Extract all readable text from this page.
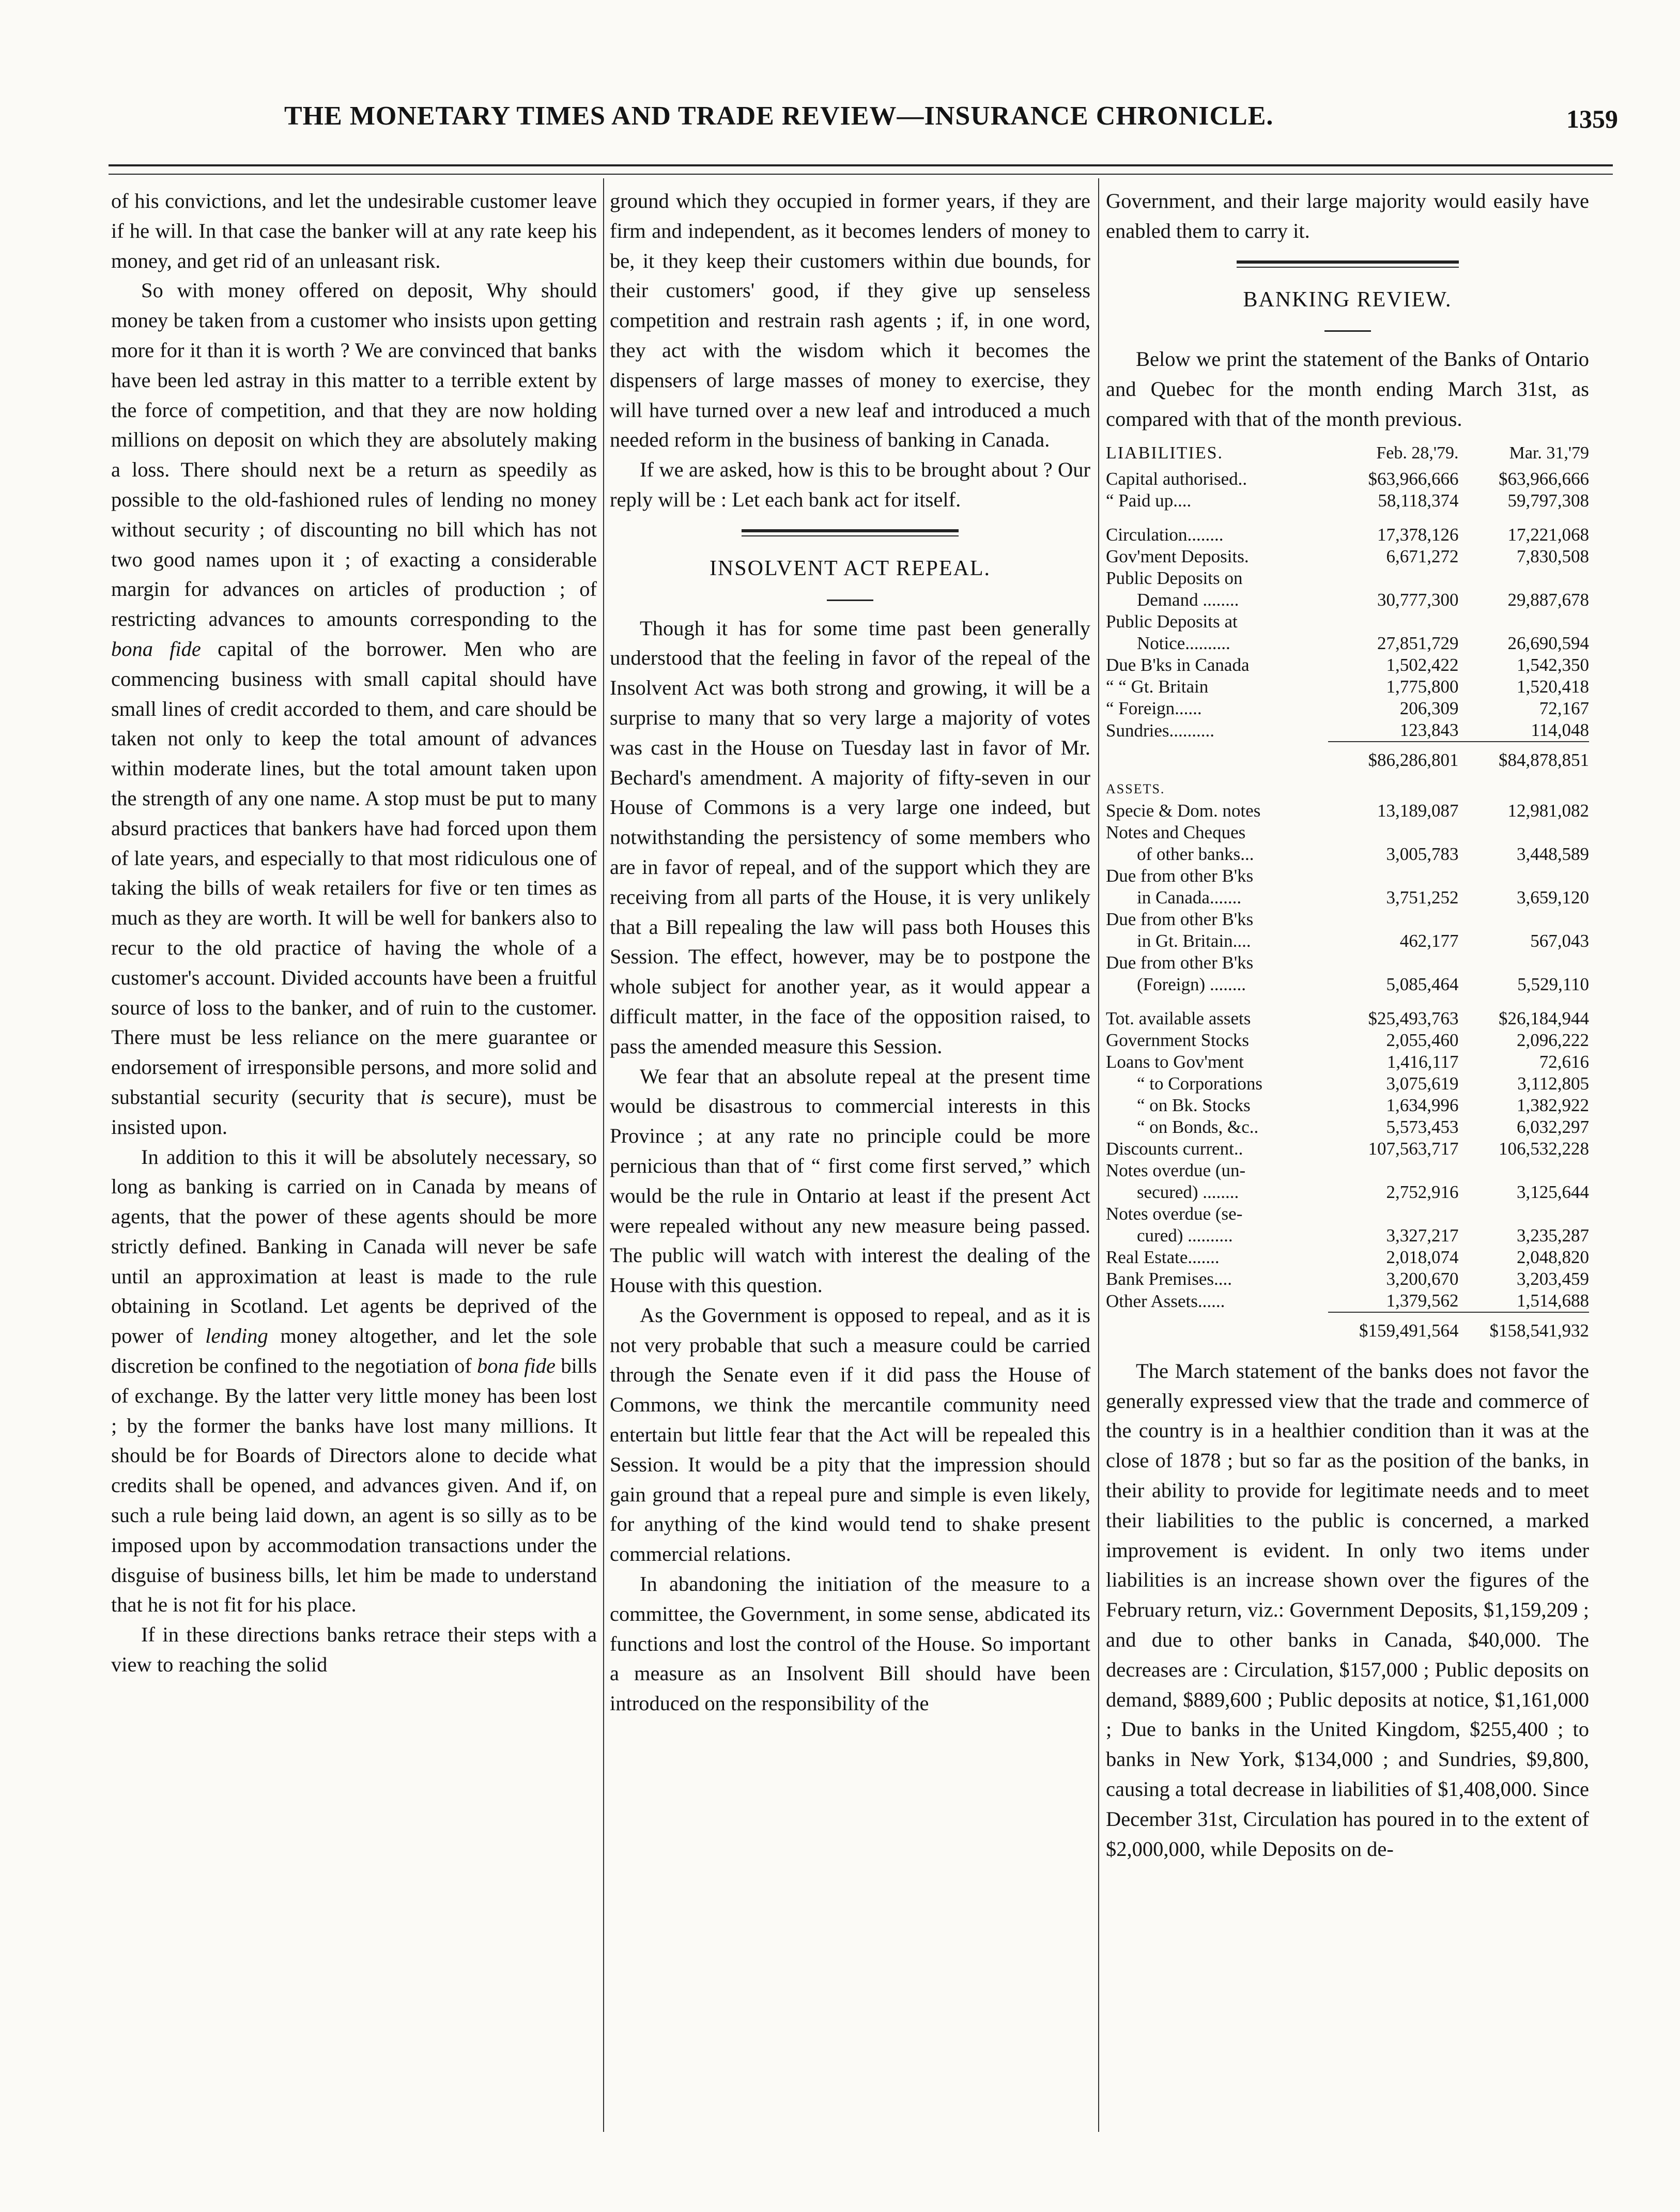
THE MONETARY TIMES AND TRADE REVIEW—INSURANCE CHRONICLE.	1359

of his convictions, and let the undesirable customer leave if he will. In that case the banker will at any rate keep his money, and get rid of an unleasant risk.

So with money offered on deposit, Why should money be taken from a customer who insists upon getting more for it than it is worth ? We are convinced that banks have been led astray in this matter to a terrible extent by the force of competition, and that they are now holding millions on deposit on which they are absolutely making a loss. There should next be a return as speedily as possible to the old-fashioned rules of lending no money without security ; of discounting no bill which has not two good names upon it ; of exacting a considerable margin for advances on articles of production ; of restricting advances to amounts corresponding to the bona fide capital of the borrower. Men who are commencing business with small capital should have small lines of credit accorded to them, and care should be taken not only to keep the total amount of advances within moderate lines, but the total amount taken upon the strength of any one name. A stop must be put to many absurd practices that bankers have had forced upon them of late years, and especially to that most ridiculous one of taking the bills of weak retailers for five or ten times as much as they are worth. It will be well for bankers also to recur to the old practice of having the whole of a customer's account. Divided accounts have been a fruitful source of loss to the banker, and of ruin to the customer. There must be less reliance on the mere guarantee or endorsement of irresponsible persons, and more solid and substantial security (security that is secure), must be insisted upon.

In addition to this it will be absolutely necessary, so long as banking is carried on in Canada by means of agents, that the power of these agents should be more strictly defined. Banking in Canada will never be safe until an approximation at least is made to the rule obtaining in Scotland. Let agents be deprived of the power of lending money altogether, and let the sole discretion be confined to the negotiation of bona fide bills of exchange. By the latter very little money has been lost ; by the former the banks have lost many millions. It should be for Boards of Directors alone to decide what credits shall be opened, and advances given. And if, on such a rule being laid down, an agent is so silly as to be imposed upon by accommodation transactions under the disguise of business bills, let him be made to understand that he is not fit for his place.

If in these directions banks retrace their steps with a view to reaching the solid

ground which they occupied in former years, if they are firm and independent, as it becomes lenders of money to be, it they keep their customers within due bounds, for their customers' good, if they give up senseless competition and restrain rash agents ; if, in one word, they act with the wisdom which it becomes the dispensers of large masses of money to exercise, they will have turned over a new leaf and introduced a much needed reform in the business of banking in Canada.

If we are asked, how is this to be brought about ? Our reply will be : Let each bank act for itself.

INSOLVENT ACT REPEAL.

Though it has for some time past been generally understood that the feeling in favor of the repeal of the Insolvent Act was both strong and growing, it will be a surprise to many that so very large a majority of votes was cast in the House on Tuesday last in favor of Mr. Bechard's amendment. A majority of fifty-seven in our House of Commons is a very large one indeed, but notwithstanding the persistency of some members who are in favor of repeal, and of the support which they are receiving from all parts of the House, it is very unlikely that a Bill repealing the law will pass both Houses this Session. The effect, however, may be to postpone the whole subject for another year, as it would appear a difficult matter, in the face of the opposition raised, to pass the amended measure this Session.

We fear that an absolute repeal at the present time would be disastrous to commercial interests in this Province ; at any rate no principle could be more pernicious than that of “ first come first served,” which would be the rule in Ontario at least if the present Act were repealed without any new measure being passed. The public will watch with interest the dealing of the House with this question.

As the Government is opposed to repeal, and as it is not very probable that such a measure could be carried through the Senate even if it did pass the House of Commons, we think the mercantile community need entertain but little fear that the Act will be repealed this Session. It would be a pity that the impression should gain ground that a repeal pure and simple is even likely, for anything of the kind would tend to shake present commercial relations.

In abandoning the initiation of the measure to a committee, the Government, in some sense, abdicated its functions and lost the control of the House. So important a measure as an Insolvent Bill should have been introduced on the responsibility of the

Government, and their large majority would easily have enabled them to carry it.

BANKING REVIEW.

Below we print the statement of the Banks of Ontario and Quebec for the month ending March 31st, as compared with that of the month previous.

LIABILITIES.	Feb. 28,'79.	Mar. 31,'79
Capital authorised..	$63,966,666	$63,966,666
“ Paid up....	58,118,374	59,797,308

Circulation........	17,378,126	17,221,068
Gov'ment Deposits.	6,671,272	7,830,508
Public Deposits on		
Demand ........	30,777,300	29,887,678
Public Deposits at		
Notice..........	27,851,729	26,690,594
Due B'ks in Canada	1,502,422	1,542,350
“ “ Gt. Britain	1,775,800	1,520,418
“ Foreign......	206,309	72,167
Sundries..........	123,843	114,048
	$86,286,801	$84,878,851
ASSETS.		
Specie & Dom. notes	13,189,087	12,981,082
Notes and Cheques		
of other banks...	3,005,783	3,448,589
Due from other B'ks		
in Canada.......	3,751,252	3,659,120
Due from other B'ks		
in Gt. Britain....	462,177	567,043
Due from other B'ks		
(Foreign) ........	5,085,464	5,529,110

Tot. available assets	$25,493,763	$26,184,944
Government Stocks	2,055,460	2,096,222
Loans to Gov'ment	1,416,117	72,616
“ to Corporations	3,075,619	3,112,805
“ on Bk. Stocks	1,634,996	1,382,922
“ on Bonds, &c..	5,573,453	6,032,297
Discounts current..	107,563,717	106,532,228
Notes overdue (un-		
secured) ........	2,752,916	3,125,644
Notes overdue (se-		
cured) ..........	3,327,217	3,235,287
Real Estate.......	2,018,074	2,048,820
Bank Premises....	3,200,670	3,203,459
Other Assets......	1,379,562	1,514,688
	$159,491,564	$158,541,932

The March statement of the banks does not favor the generally expressed view that the trade and commerce of the country is in a healthier condition than it was at the close of 1878 ; but so far as the position of the banks, in their ability to provide for legitimate needs and to meet their liabilities to the public is concerned, a marked improvement is evident. In only two items under liabilities is an increase shown over the figures of the February return, viz.: Government Deposits, $1,159,209 ; and due to other banks in Canada, $40,000. The decreases are : Circulation, $157,000 ; Public deposits on demand, $889,600 ; Public deposits at notice, $1,161,000 ; Due to banks in the United Kingdom, $255,400 ; to banks in New York, $134,000 ; and Sundries, $9,800, causing a total decrease in liabilities of $1,408,000. Since December 31st, Circulation has poured in to the extent of $2,000,000, while Deposits on de-
